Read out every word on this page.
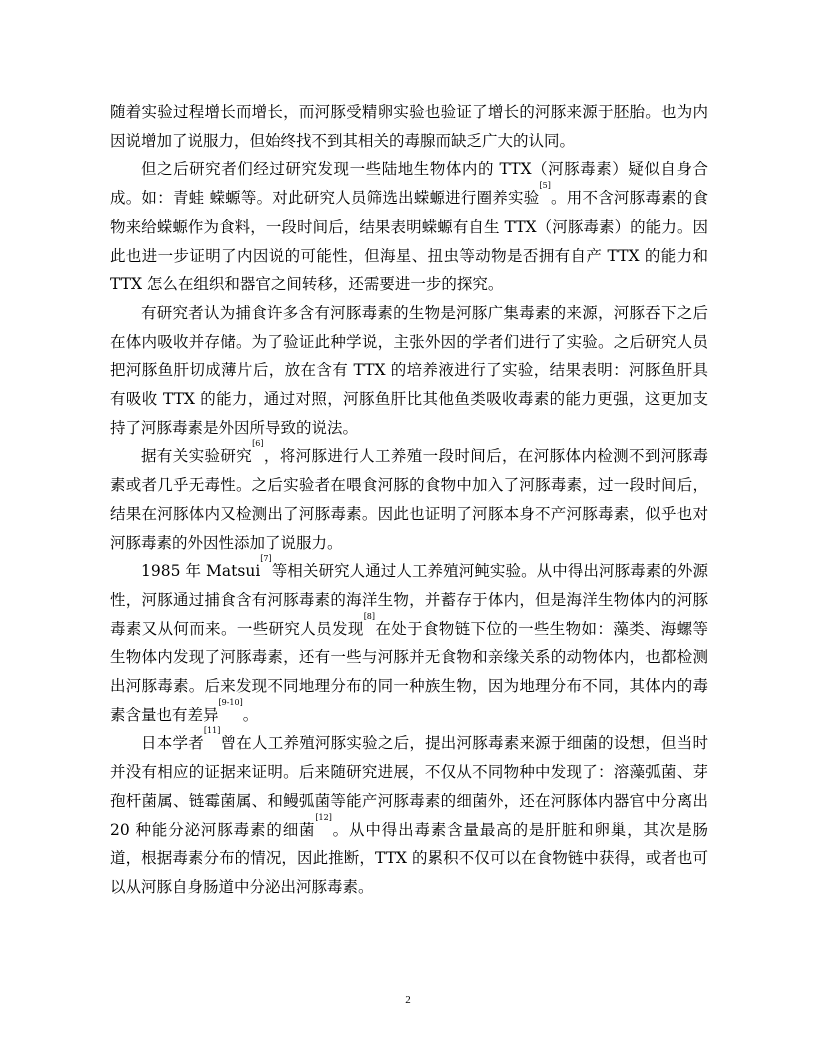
随着实验过程增长而增长，而河豚受精卵实验也验证了增长的河豚来源于胚胎。也为内因说增加了说服力，但始终找不到其相关的毒腺而缺乏广大的认同。

但之后研究者们经过研究发现一些陆地生物体内的 TTX（河豚毒素）疑似自身合成。如：青蛙 蝾螈等。对此研究人员筛选出蝾螈进行圈养实验[5]。用不含河豚毒素的食物来给蝾螈作为食料，一段时间后，结果表明蝾螈有自生 TTX（河豚毒素）的能力。因此也进一步证明了内因说的可能性，但海星、扭虫等动物是否拥有自产 TTX 的能力和 TTX 怎么在组织和器官之间转移，还需要进一步的探究。

有研究者认为捕食许多含有河豚毒素的生物是河豚广集毒素的来源，河豚吞下之后在体内吸收并存储。为了验证此种学说，主张外因的学者们进行了实验。之后研究人员把河豚鱼肝切成薄片后，放在含有 TTX 的培养液进行了实验，结果表明：河豚鱼肝具有吸收 TTX 的能力，通过对照，河豚鱼肝比其他鱼类吸收毒素的能力更强，这更加支持了河豚毒素是外因所导致的说法。

据有关实验研究[6]，将河豚进行人工养殖一段时间后，在河豚体内检测不到河豚毒素或者几乎无毒性。之后实验者在喂食河豚的食物中加入了河豚毒素，过一段时间后，结果在河豚体内又检测出了河豚毒素。因此也证明了河豚本身不产河豚毒素，似乎也对河豚毒素的外因性添加了说服力。

1985 年 Matsui[7]等相关研究人通过人工养殖河鲀实验。从中得出河豚毒素的外源性，河豚通过捕食含有河豚毒素的海洋生物，并蓄存于体内，但是海洋生物体内的河豚毒素又从何而来。一些研究人员发现[8]在处于食物链下位的一些生物如：藻类、海螺等生物体内发现了河豚毒素，还有一些与河豚并无食物和亲缘关系的动物体内，也都检测出河豚毒素。后来发现不同地理分布的同一种族生物，因为地理分布不同，其体内的毒素含量也有差异[9-10]。

日本学者[11]曾在人工养殖河豚实验之后，提出河豚毒素来源于细菌的设想，但当时并没有相应的证据来证明。后来随研究进展，不仅从不同物种中发现了：溶藻弧菌、芽孢杆菌属、链霉菌属、和鳗弧菌等能产河豚毒素的细菌外，还在河豚体内器官中分离出 20 种能分泌河豚毒素的细菌[12]。从中得出毒素含量最高的是肝脏和卵巢，其次是肠道，根据毒素分布的情况，因此推断，TTX 的累积不仅可以在食物链中获得，或者也可以从河豚自身肠道中分泌出河豚毒素。

2
